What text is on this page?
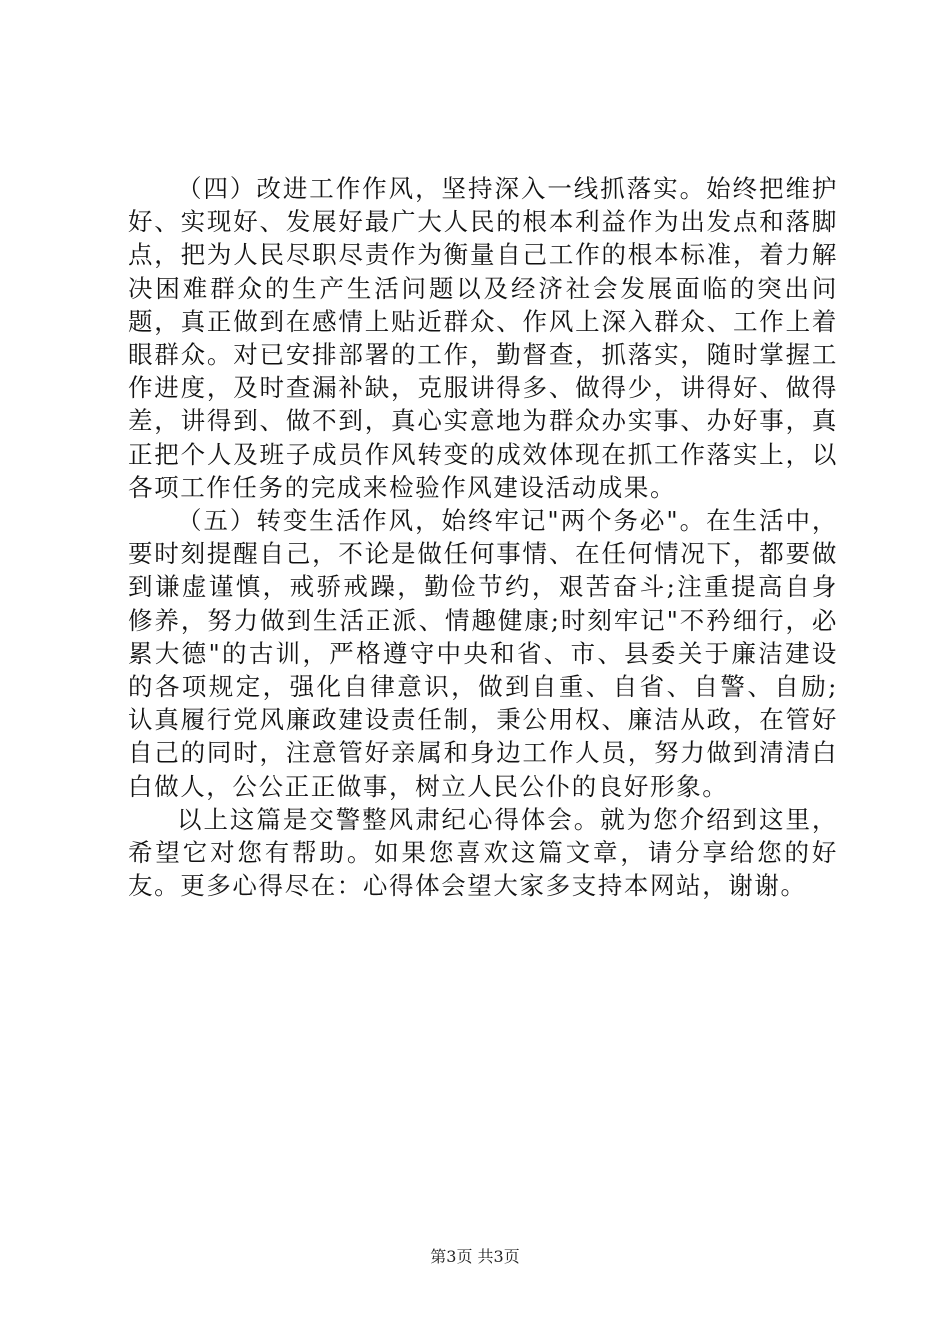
（四）改进工作作风，坚持深入一线抓落实。始终把维护好、实现好、发展好最广大人民的根本利益作为出发点和落脚点，把为人民尽职尽责作为衡量自己工作的根本标准，着力解决困难群众的生产生活问题以及经济社会发展面临的突出问题，真正做到在感情上贴近群众、作风上深入群众、工作上着眼群众。对已安排部署的工作，勤督查，抓落实，随时掌握工作进度，及时查漏补缺，克服讲得多、做得少，讲得好、做得差，讲得到、做不到，真心实意地为群众办实事、办好事，真正把个人及班子成员作风转变的成效体现在抓工作落实上，以各项工作任务的完成来检验作风建设活动成果。

（五）转变生活作风，始终牢记"两个务必"。在生活中，要时刻提醒自己，不论是做任何事情、在任何情况下，都要做到谦虚谨慎，戒骄戒躁，勤俭节约，艰苦奋斗;注重提高自身修养，努力做到生活正派、情趣健康;时刻牢记"不矜细行，必累大德"的古训，严格遵守中央和省、市、县委关于廉洁建设的各项规定，强化自律意识，做到自重、自省、自警、自励;认真履行党风廉政建设责任制，秉公用权、廉洁从政，在管好自己的同时，注意管好亲属和身边工作人员，努力做到清清白白做人，公公正正做事，树立人民公仆的良好形象。

以上这篇是交警整风肃纪心得体会。就为您介绍到这里，希望它对您有帮助。如果您喜欢这篇文章，请分享给您的好友。更多心得尽在：心得体会望大家多支持本网站，谢谢。

第3页 共3页
